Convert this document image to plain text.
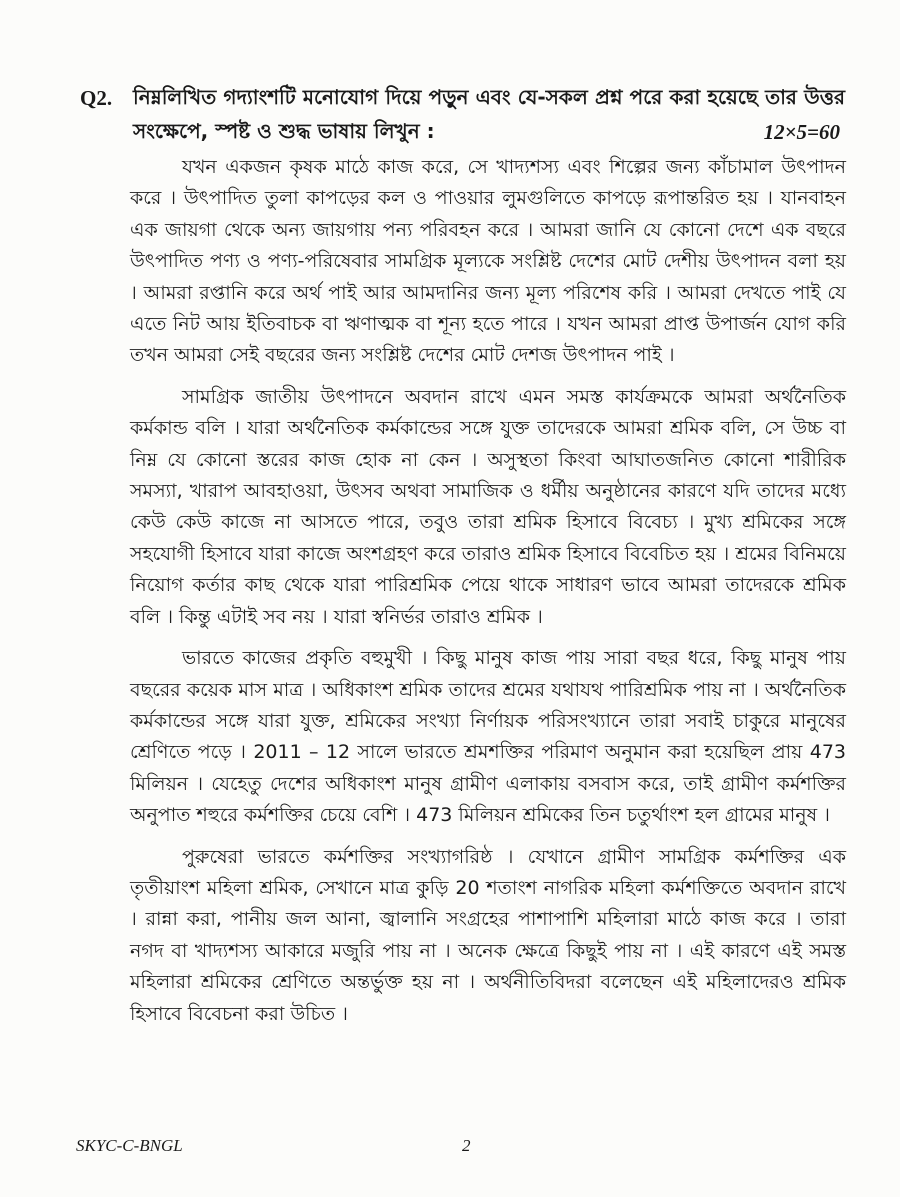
Q2. নিম্নলিখিত গদ্যাংশটি মনোযোগ দিয়ে পড়ুন এবং যে-সকল প্রশ্ন পরে করা হয়েছে তার উত্তর সংক্ষেপে, স্পষ্ট ও শুদ্ধ ভাষায় লিখুন :	12×5=60

যখন একজন কৃষক মাঠে কাজ করে, সে খাদ্যশস্য এবং শিল্পের জন্য কাঁচামাল উৎপাদন করে । উৎপাদিত তুলা কাপড়ের কল ও পাওয়ার লুমগুলিতে কাপড়ে রূপান্তরিত হয় । যানবাহন এক জায়গা থেকে অন্য জায়গায় পন্য পরিবহন করে । আমরা জানি যে কোনো দেশে এক বছরে উৎপাদিত পণ্য ও পণ্য-পরিষেবার সামগ্রিক মূল্যকে সংশ্লিষ্ট দেশের মোট দেশীয় উৎপাদন বলা হয় । আমরা রপ্তানি করে অর্থ পাই আর আমদানির জন্য মূল্য পরিশেষ করি । আমরা দেখতে পাই যে এতে নিট আয় ইতিবাচক বা ঋণাত্মক বা শূন্য হতে পারে । যখন আমরা প্রাপ্ত উপার্জন যোগ করি তখন আমরা সেই বছরের জন্য সংশ্লিষ্ট দেশের মোট দেশজ উৎপাদন পাই ।

সামগ্রিক জাতীয় উৎপাদনে অবদান রাখে এমন সমস্ত কার্যক্রমকে আমরা অর্থনৈতিক কর্মকান্ড বলি । যারা অর্থনৈতিক কর্মকান্ডের সঙ্গে যুক্ত তাদেরকে আমরা শ্রমিক বলি, সে উচ্চ বা নিম্ন যে কোনো স্তরের কাজ হোক না কেন । অসুস্থতা কিংবা আঘাতজনিত কোনো শারীরিক সমস্যা, খারাপ আবহাওয়া, উৎসব অথবা সামাজিক ও ধর্মীয় অনুষ্ঠানের কারণে যদি তাদের মধ্যে কেউ কেউ কাজে না আসতে পারে, তবুও তারা শ্রমিক হিসাবে বিবেচ্য । মুখ্য শ্রমিকের সঙ্গে সহযোগী হিসাবে যারা কাজে অংশগ্রহণ করে তারাও শ্রমিক হিসাবে বিবেচিত হয় । শ্রমের বিনিময়ে নিয়োগ কর্তার কাছ থেকে যারা পারিশ্রমিক পেয়ে থাকে সাধারণ ভাবে আমরা তাদেরকে শ্রমিক বলি । কিন্তু এটাই সব নয় । যারা স্বনির্ভর তারাও শ্রমিক ।

ভারতে কাজের প্রকৃতি বহুমুখী । কিছু মানুষ কাজ পায় সারা বছর ধরে, কিছু মানুষ পায় বছরের কয়েক মাস মাত্র । অধিকাংশ শ্রমিক তাদের শ্রমের যথাযথ পারিশ্রমিক পায় না । অর্থনৈতিক কর্মকান্ডের সঙ্গে যারা যুক্ত, শ্রমিকের সংখ্যা নির্ণায়ক পরিসংখ্যানে তারা সবাই চাকুরে মানুষের শ্রেণিতে পড়ে । 2011 – 12 সালে ভারতে শ্রমশক্তির পরিমাণ অনুমান করা হয়েছিল প্রায় 473 মিলিয়ন । যেহেতু দেশের অধিকাংশ মানুষ গ্রামীণ এলাকায় বসবাস করে, তাই গ্রামীণ কর্মশক্তির অনুপাত শহুরে কর্মশক্তির চেয়ে বেশি । 473 মিলিয়ন শ্রমিকের তিন চতুর্থাংশ হল গ্রামের মানুষ ।

পুরুষেরা ভারতে কর্মশক্তির সংখ্যাগরিষ্ঠ । যেখানে গ্রামীণ সামগ্রিক কর্মশক্তির এক তৃতীয়াংশ মহিলা শ্রমিক, সেখানে মাত্র কুড়ি 20 শতাংশ নাগরিক মহিলা কর্মশক্তিতে অবদান রাখে । রান্না করা, পানীয় জল আনা, জ্বালানি সংগ্রহের পাশাপাশি মহিলারা মাঠে কাজ করে । তারা নগদ বা খাদ্যশস্য আকারে মজুরি পায় না । অনেক ক্ষেত্রে কিছুই পায় না । এই কারণে এই সমস্ত মহিলারা শ্রমিকের শ্রেণিতে অন্তর্ভুক্ত হয় না । অর্থনীতিবিদরা বলেছেন এই মহিলাদেরও শ্রমিক হিসাবে বিবেচনা করা উচিত ।

SKYC-C-BNGL	2
